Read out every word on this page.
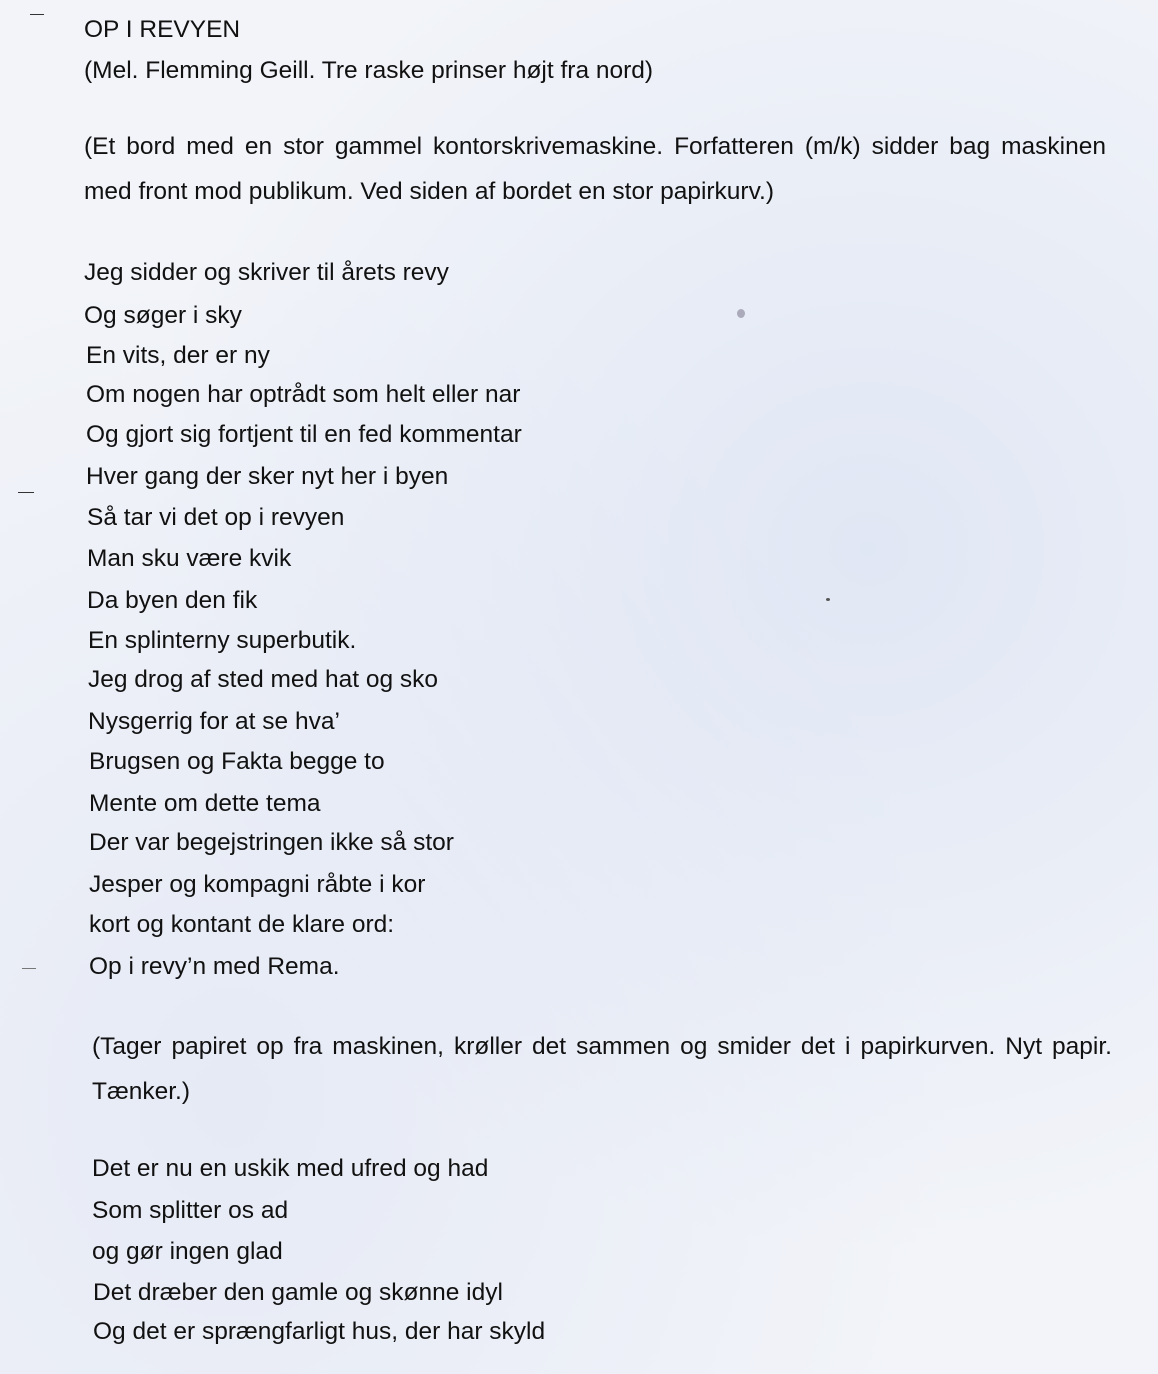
OP I REVYEN

(Mel. Flemming Geill. Tre raske prinser højt fra nord)

(Et bord med en stor gammel kontorskrivemaskine. Forfatteren (m/k) sidder bag maskinen med front mod publikum. Ved siden af bordet en stor papirkurv.)

Jeg sidder og skriver til årets revy

Og søger i sky

En vits, der er ny

Om nogen har optrådt som helt eller nar

Og gjort sig fortjent til en fed kommentar

Hver gang der sker nyt her i byen

Så tar vi det op i revyen

Man sku være kvik

Da byen den fik

En splinterny superbutik.

Jeg drog af sted med hat og sko

Nysgerrig for at se hva’

Brugsen og Fakta begge to

Mente om dette tema

Der var begejstringen ikke så stor

Jesper og kompagni råbte i kor

kort og kontant de klare ord:

Op i revy’n med Rema.

(Tager papiret op fra maskinen, krøller det sammen og smider det i papirkurven. Nyt papir. Tænker.)

Det er nu en uskik med ufred og had

Som splitter os ad

og gør ingen glad

Det dræber den gamle og skønne idyl

Og det er sprængfarligt hus, der har skyld
